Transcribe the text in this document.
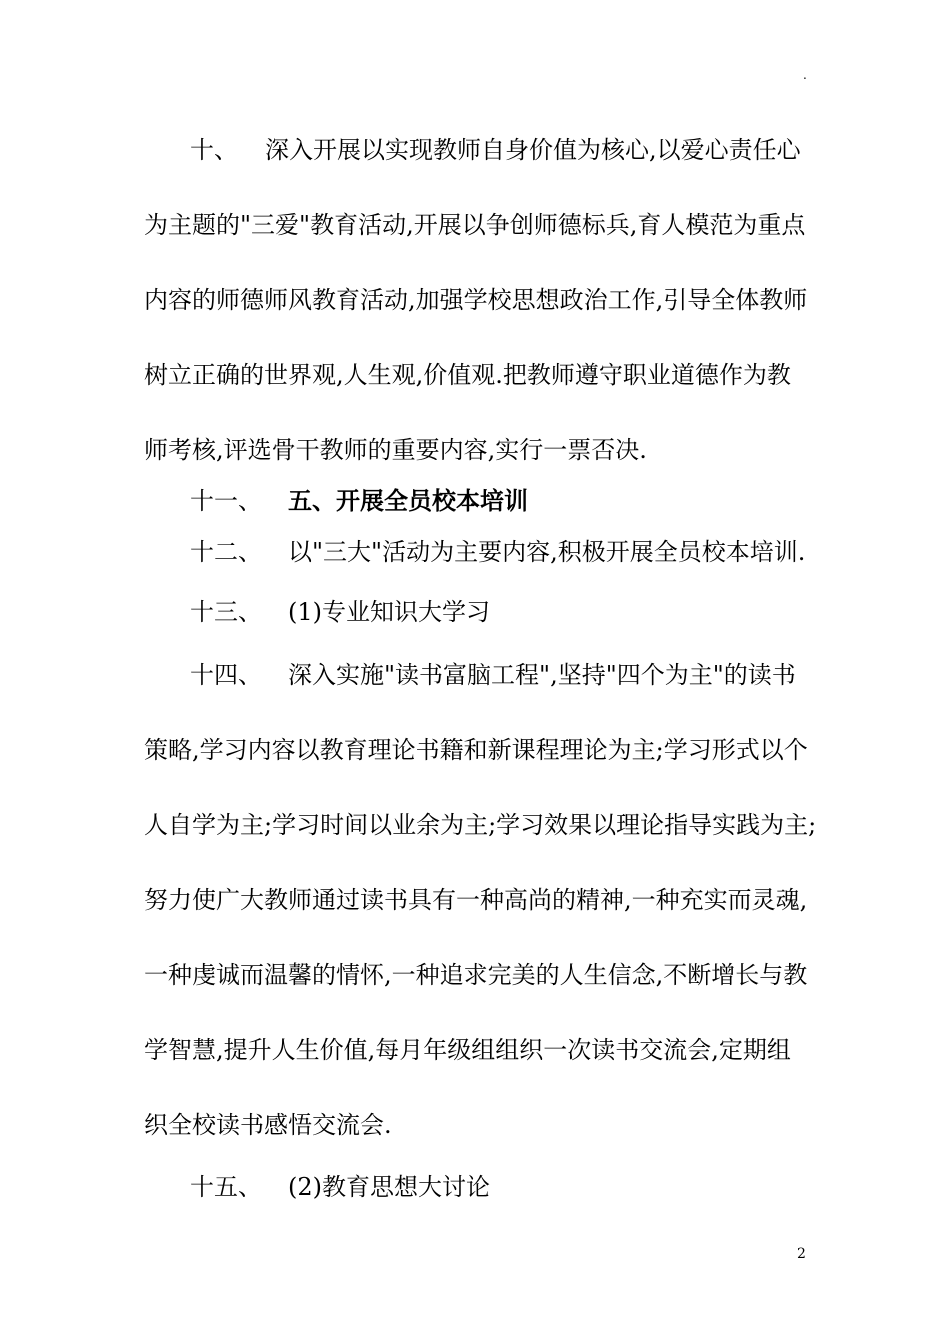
.
十、 深入开展以实现教师自身价值为核心,以爱心责任心
为主题的"三爱"教育活动,开展以争创师德标兵,育人模范为重点
内容的师德师风教育活动,加强学校思想政治工作,引导全体教师
树立正确的世界观,人生观,价值观.把教师遵守职业道德作为教
师考核,评选骨干教师的重要内容,实行一票否决.
十一、 五、开展全员校本培训
十二、 以"三大"活动为主要内容,积极开展全员校本培训.
十三、 (1)专业知识大学习
十四、 深入实施"读书富脑工程",坚持"四个为主"的读书
策略,学习内容以教育理论书籍和新课程理论为主;学习形式以个
人自学为主;学习时间以业余为主;学习效果以理论指导实践为主;
努力使广大教师通过读书具有一种高尚的精神,一种充实而灵魂,
一种虔诚而温馨的情怀,一种追求完美的人生信念,不断增长与教
学智慧,提升人生价值,每月年级组组织一次读书交流会,定期组
织全校读书感悟交流会.
十五、 (2)教育思想大讨论
2
